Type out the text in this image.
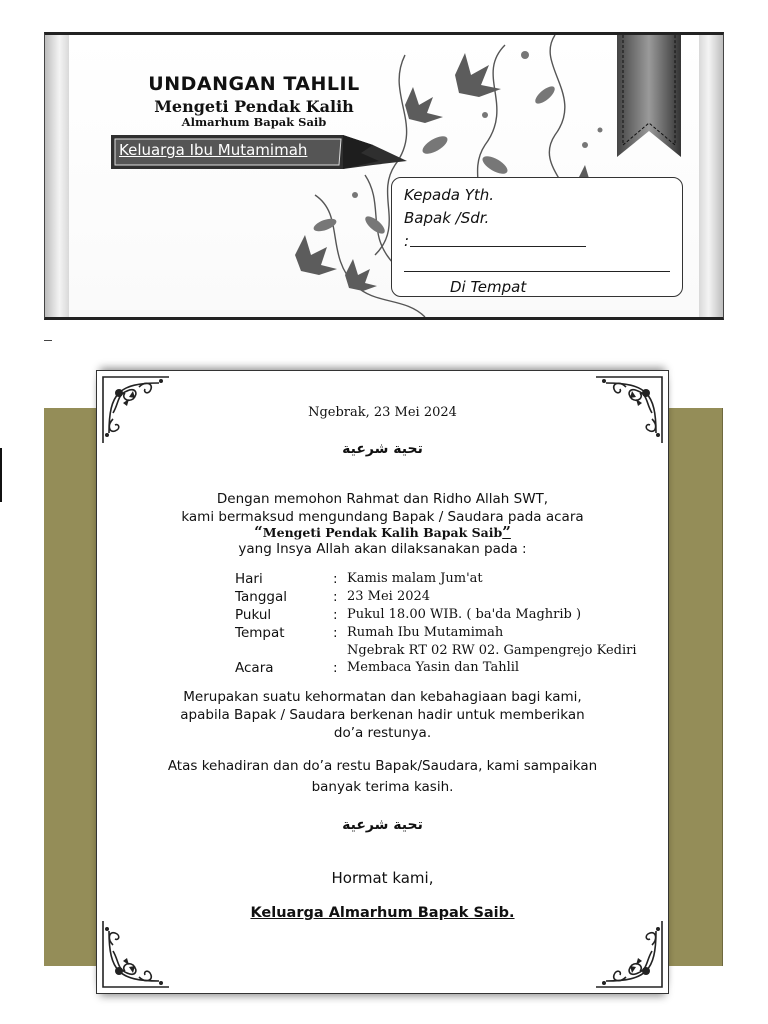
UNDANGAN TAHLIL
Mengeti Pendak Kalih
Almarhum Bapak Saib
Keluarga Ibu Mutamimah
Kepada Yth.
Bapak /Sdr.
:
Di Tempat
Ngebrak, 23 Mei 2024
تحية شرعية
Dengan memohon Rahmat dan Ridho Allah SWT,
kami bermaksud mengundang Bapak / Saudara pada acara
“Mengeti Pendak Kalih Bapak Saib”
yang Insya Allah akan dilaksanakan pada :
Hari	: Kamis malam Jum'at
Tanggal	: 23 Mei 2024
Pukul	: Pukul 18.00 WIB. ( ba'da Maghrib )
Tempat	: Rumah Ibu Mutamimah
Ngebrak RT 02 RW 02. Gampengrejo Kediri
Acara	: Membaca Yasin dan Tahlil
Merupakan suatu kehormatan dan kebahagiaan bagi kami,
apabila Bapak / Saudara berkenan hadir untuk memberikan
do’a restunya.
Atas kehadiran dan do’a restu Bapak/Saudara, kami sampaikan
banyak terima kasih.
تحية شرعية
Hormat kami,
Keluarga Almarhum Bapak Saib.
